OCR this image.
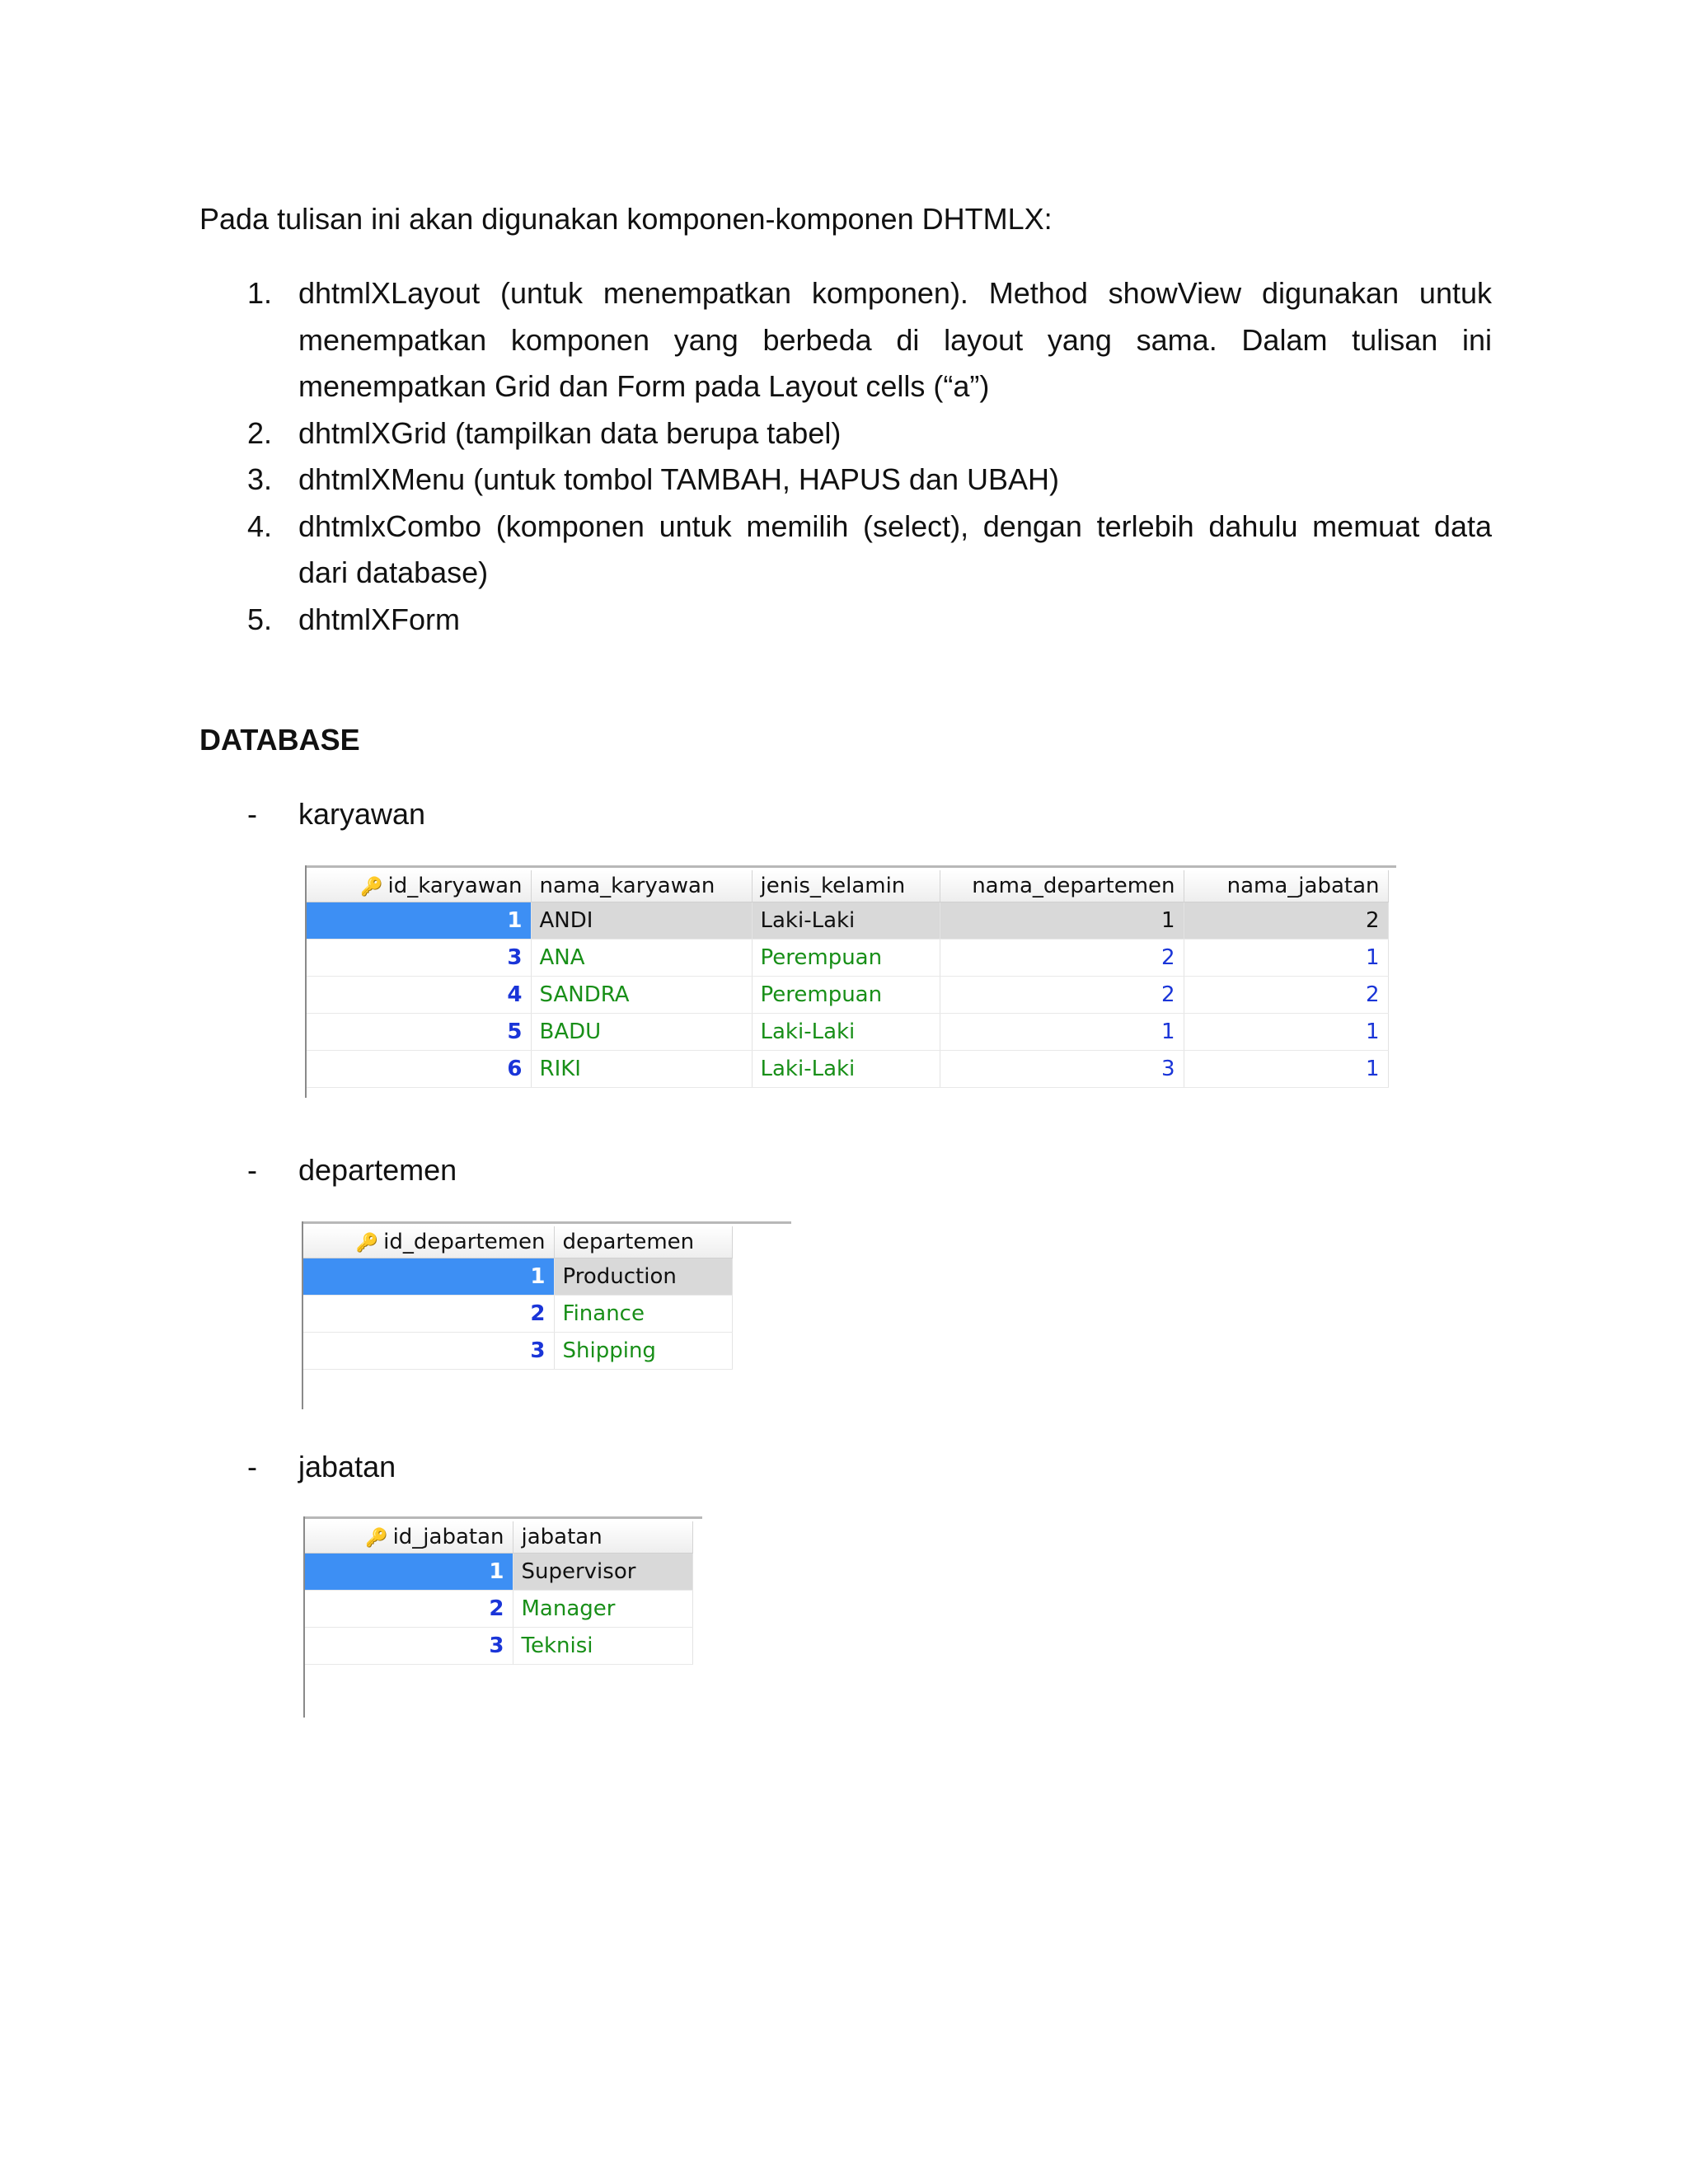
Pada tulisan ini akan digunakan komponen-komponen DHTMLX:
1. dhtmlXLayout (untuk menempatkan komponen). Method showView digunakan untuk menempatkan komponen yang berbeda di layout yang sama. Dalam tulisan ini menempatkan Grid dan Form pada Layout cells (“a”)
2. dhtmlXGrid (tampilkan data berupa tabel)
3. dhtmlXMenu (untuk tombol TAMBAH, HAPUS dan UBAH)
4. dhtmlxCombo (komponen untuk memilih (select), dengan terlebih dahulu memuat data dari database)
5. dhtmlXForm
DATABASE
- karyawan
🔑 id_karyawan	nama_karyawan	jenis_kelamin	nama_departemen	nama_jabatan
1	ANDI	Laki-Laki	1	2
3	ANA	Perempuan	2	1
4	SANDRA	Perempuan	2	2
5	BADU	Laki-Laki	1	1
6	RIKI	Laki-Laki	3	1
- departemen
🔑 id_departemen	departemen
1	Production
2	Finance
3	Shipping
- jabatan
🔑 id_jabatan	jabatan
1	Supervisor
2	Manager
3	Teknisi
